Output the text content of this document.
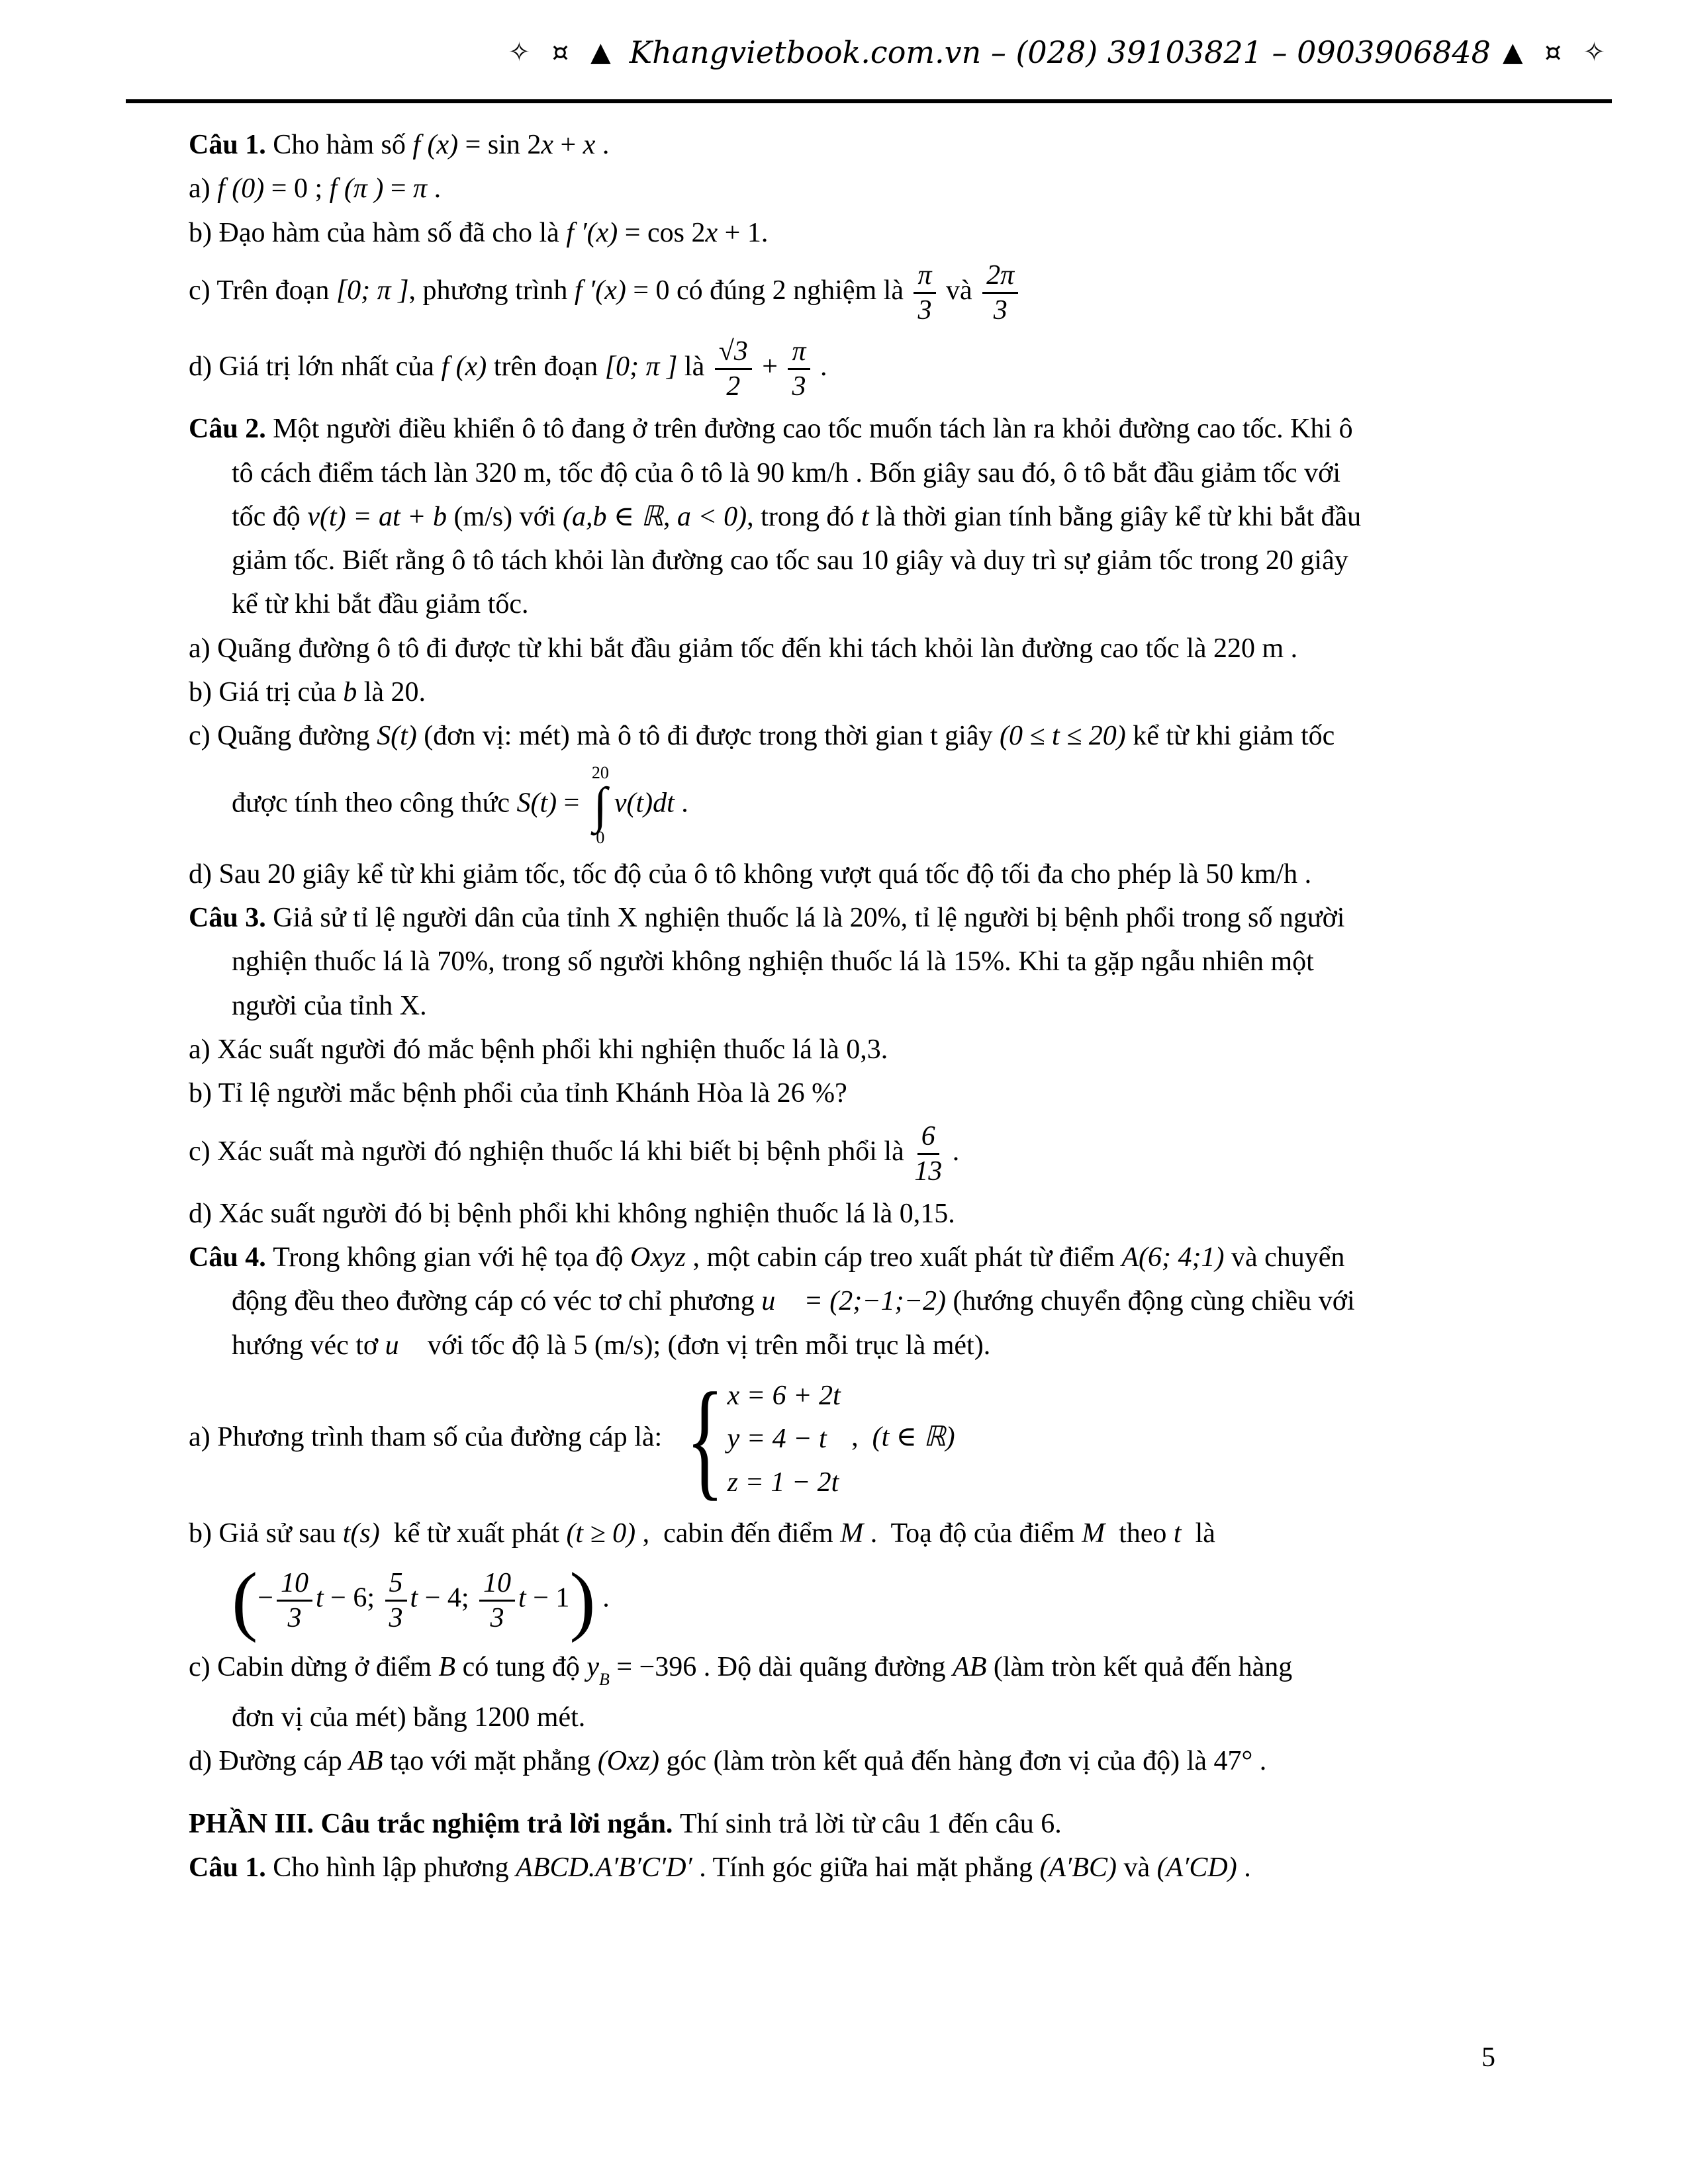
✧ ¤ ▲ Khangvietbook.com.vn – (028) 39103821 – 0903906848 ▲ ¤ ✧
Câu 1. Cho hàm số f (x) = sin 2x + x .
a) f (0) = 0 ; f (π ) = π .
b) Đạo hàm của hàm số đã cho là f ′(x) = cos 2x + 1.
c) Trên đoạn [0; π ], phương trình f ′(x) = 0 có đúng 2 nghiệm là $\frac{\pi}{3}$ và $\frac{2\pi}{3}$
d) Giá trị lớn nhất của f (x) trên đoạn [0; π ] là $\frac{√3}{2} + \frac{\pi}{3}$ .
Câu 2. Một người điều khiển ô tô đang ở trên đường cao tốc muốn tách làn ra khỏi đường cao tốc. Khi ô
tô cách điểm tách làn 320 m, tốc độ của ô tô là 90 km/h . Bốn giây sau đó, ô tô bắt đầu giảm tốc với
tốc độ v(t) = at + b (m/s) với (a,b ∈ ℝ, a < 0), trong đó t là thời gian tính bằng giây kể từ khi bắt đầu
giảm tốc. Biết rằng ô tô tách khỏi làn đường cao tốc sau 10 giây và duy trì sự giảm tốc trong 20 giây
kể từ khi bắt đầu giảm tốc.
a) Quãng đường ô tô đi được từ khi bắt đầu giảm tốc đến khi tách khỏi làn đường cao tốc là 220 m .
b) Giá trị của b là 20.
c) Quãng đường S(t) (đơn vị: mét) mà ô tô đi được trong thời gian t giây (0 ≤ t ≤ 20) kể từ khi giảm tốc
được tính theo công thức S(t) =
20
∫
0
v(t)dt .
d) Sau 20 giây kể từ khi giảm tốc, tốc độ của ô tô không vượt quá tốc độ tối đa cho phép là 50 km/h .
Câu 3. Giả sử tỉ lệ người dân của tỉnh X nghiện thuốc lá là 20%, tỉ lệ người bị bệnh phổi trong số người
nghiện thuốc lá là 70%, trong số người không nghiện thuốc lá là 15%. Khi ta gặp ngẫu nhiên một
người của tỉnh X.
a) Xác suất người đó mắc bệnh phổi khi nghiện thuốc lá là 0,3.
b) Tỉ lệ người mắc bệnh phổi của tỉnh Khánh Hòa là 26 %?
c) Xác suất mà người đó nghiện thuốc lá khi biết bị bệnh phổi là $\frac{6}{13}$ .
d) Xác suất người đó bị bệnh phổi khi không nghiện thuốc lá là 0,15.
Câu 4. Trong không gian với hệ tọa độ Oxyz , một cabin cáp treo xuất phát từ điểm A(6; 4;1) và chuyển
động đều theo đường cáp có véc tơ chỉ phương u⃗ = (2;−1;−2) (hướng chuyển động cùng chiều với
hướng véc tơ u⃗ với tốc độ là 5 (m/s); (đơn vị trên mỗi trục là mét).
a) Phương trình tham số của đường cáp là: { x = 6 + 2t
y = 4 − t
z = 1 − 2t
,  (t ∈ ℝ)
b) Giả sử sau t(s)  kể từ xuất phát (t ≥ 0) ,  cabin đến điểm M .  Toạ độ của điểm M  theo t  là
(− $\frac{10}{3}$ t − 6; $\frac{5}{3}$ t − 4; $\frac{10}{3}$ t − 1) .
c) Cabin dừng ở điểm B có tung độ $y_B = -396$ . Độ dài quãng đường AB (làm tròn kết quả đến hàng
đơn vị của mét) bằng 1200 mét.
d) Đường cáp AB tạo với mặt phẳng (Oxz) góc (làm tròn kết quả đến hàng đơn vị của độ) là 47° .
PHẦN III. Câu trắc nghiệm trả lời ngắn. Thí sinh trả lời từ câu 1 đến câu 6.
Câu 1. Cho hình lập phương ABCD.A′B′C′D′ . Tính góc giữa hai mặt phẳng (A′BC) và (A′CD) .
5
